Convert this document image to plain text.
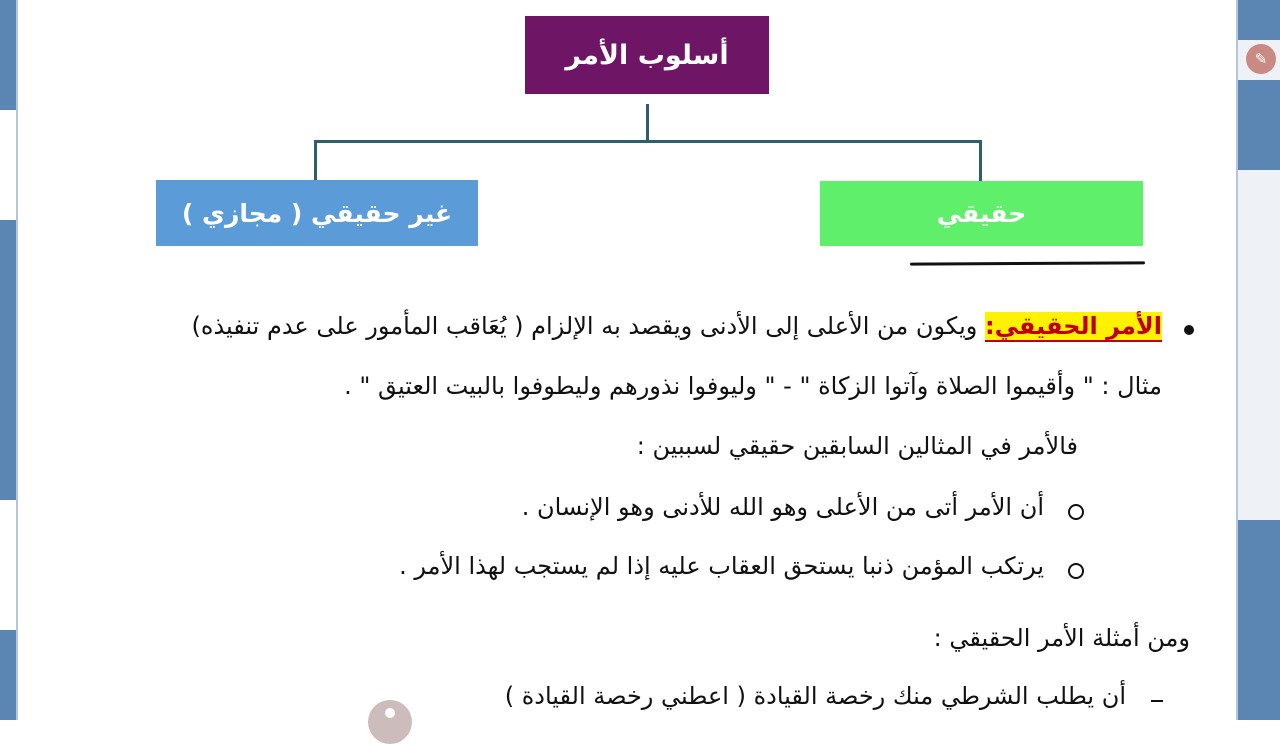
✎
أسلوب الأمر
حقيقي
غير حقيقي ( مجازي )
الأمر الحقيقي: ويكون من الأعلى إلى الأدنى ويقصد به الإلزام ( يُعَاقب المأمور على عدم تنفيذه)
مثال : " وأقيموا الصلاة وآتوا الزكاة " - " وليوفوا نذورهم وليطوفوا بالبيت العتيق " .
فالأمر في المثالين السابقين حقيقي لسببين :
أن الأمر أتى من الأعلى وهو الله للأدنى وهو الإنسان .
يرتكب المؤمن ذنبا يستحق العقاب عليه إذا لم يستجب لهذا الأمر .
ومن أمثلة الأمر الحقيقي :
أن يطلب الشرطي منك رخصة القيادة ( اعطني رخصة القيادة )
